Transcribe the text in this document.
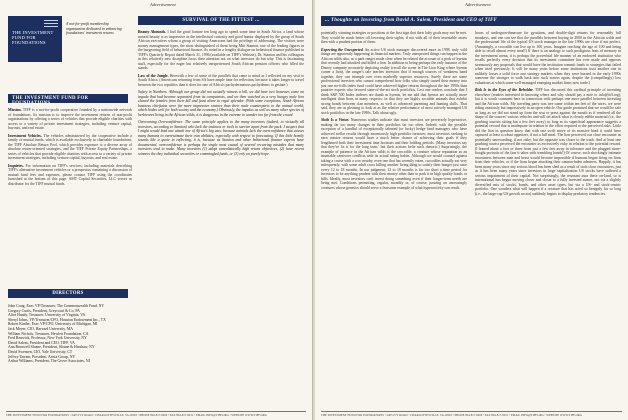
Advertisement
THE INVESTMENT FUND FOR FOUNDATIONS
A not-for-profit membership organization dedicated to enhancing foundations' investment returns
THE INVESTMENT FUND FOR FOUNDATIONS

Mission. TIFF is a not-for-profit cooperative founded by a nationwide network of foundations. Its mission is to improve the investment returns of non-profit organizations by offering a series of vehicles that provide eligible charities with access to a variety of private investment strategies, including venture capital, buyouts, and real estate.

Investment Vehicles. The vehicles administered by the cooperative include a family of mutual funds, which is available exclusively to charitable foundations, the TIFF Absolute Return Pool, which provides exposure to a diverse array of absolute return-oriented strategies, and the TIFF Private Equity Partnerships, a series of vehicles that provide eligible charities with access to a variety of private investment strategies, including venture capital, buyouts, and real estate.

Inquiries. For information on TIFF's services, including materials describing TIFF's alternative investment vehicles or a prospectus containing a discussion of mutual fund fees and expenses, please contact TIFF using the coordinates furnished at the bottom of this page. AMT Capital Securities, LLC serves as distributor for the TIFF mutual funds.

DIRECTORS
John Craig, Exec VP/Treasurer, The Commonwealth Fund, NY
Gregory Curtis, President, Greycourt & Co, PA
Alice Handy, Treasurer, University of Virginia, VA
Sheryl Johns, VP/Treasurer/CFO, Houston Endowment Inc., TX
Robert Kinder, Exec VP/CFO, University of Michigan, MI
Jack Meyer, CIO, Harvard University, MA
William Nichols, Treasurer, Hewlett Foundation, CA
Fred Renwick, Professor, New York University, NY
David Salem, President and CEO, TIFF, VA
Ann Bronwell Sloane, President, Sloane & Hinshaw, NY
David Swensen, CIO, Yale University, CT
Jeffrey Tarrant, President, Arista Group, NY
Arthur Williams, President, The Grove Associates, NJ
SURVIVAL OF THE FITTEST ...

Beauty Abounds. I had the good fortune ten long ago to spend some time in South Africa, a land whose natural beauty is as impressive as the intellectual curiosity and good humor displayed by the group of South African executives whom a group of visiting Americans had the privilege of addressing. The visitors were money management types, the most distinguished of them being Mitt Stanton, one of the leading figures in the burgeoning field of behavioral finance. As noted in a lengthy dialogue on behavioral finance published in TIFF's Quarterly Report dated March 31, 1996 (available on TIFF's Website), Dr. Stanton and his colleagues in this relatively new discipline focus their attention not on what investors do but why. This is fascinating stuff, especially for the eager but relatively inexperienced South African pension officers who filled the stands.

Law of the Jungle. Herewith a few of some of the parallels that came to mind as I reflected on my visit to South Africa. (Americans returning from SA have ample time for reflection, because it takes longer to travel between the two republics than it does for one of Africa's pachydermatous pachyderms to gestate.)

Safety in Numbers. Although our group did not actually witness a kill, we did hear two lionesses come on impala that had become separated from its compatriots, and we then watched as a very hungry male lion chased the females from their kill and feast alone in regal splendor. (With some exceptions, South African business chieftains were far more impressive orators than their male counterparts in the animal world, which bodes well for both society and the economy.) Obviously, the impalas as well as many other species of herbivores living in the African wilds, it is dangerous in the extreme to wander too far from the crowd.

Overcoming Overconfidence. The same principle applies to the many investors (indeed, to virtually all investors, according to Stanton) who lack the instincts or tools to survive apart from the pack. I suspect that I might would lead one attack one of Africa's big cats, because animals lack the overconfidence that causes many humans to overestimate their own abilities, especially with respect to forecasting. If this little homily sounds like a quote in reflecting, it is, because as Stanton and other behavioral finance experts have documented, overconfidence is perhaps the single most causal of several recurring mistakes that many investors tend to make. Many investors (1) adopt unrealistically high return objectives, (2) have recent winners the they individual securities or commingled funds, or (3) rely on purely hope.

THE INVESTMENT FUND FOR FOUNDATIONS • 2405 IVY ROAD • CHARLOTTESVILLE, VA 22903 • PHONE 804-817-8200 • FAX 804-817-8231 • EMAIL INFO@TIFF.ORG • WEBSITE WWW.TIFF.ORG
Advertisement
... Thoughts on Investing from David A. Salem, President and CEO of TIFF

potentially winning strategies or positions at the first sign that their lofty goals may not be met. They would be much better off lowering their sights, if not with all of their investable assets then with a prudent portion of them.

Expecting the Unexpected. An active US stock manager discovered more in 1998, truly wild things are apparently happening in financial markets. Truly unexpected things can happen in the African wilds also, as a park ranger made clear when he related the account of a pack of hyenas that recently had attacked and killed a lion. In addition to being perhaps the only instance of the Disney company accurately depicting reality (recall the scene in The Lion King where hyenas corner a lion), the ranger's tale teaches investors that if enough sources of weakness band together, they can triumph over even markedly superior resources. Surely there are some professional investors who cannot comprehend how folks who simply tossed their money into just one no-frills index fund could have achieved higher returns throughout the late 1990s than putative experts who favored state-of-the-art stock portfolios. Lest one readers conclude that I think S&P 500 Index indexes are dumb as hyenas, let me add that hyenas are actually more intelligent than lions in many respects: in that they are highly sociable animals that exhibit strong bonds between clan members, as well as advanced parenting and hunting skills. That said, they are as pleasing to look at as the relative performance of most actively managed US stock portfolios in the late 1990s. Talk about ugly.

Sloth Is a Virtue. Numerous studies indicate that most investors are perversely hyperactive, making far too many changes in their portfolios far too often. Indeed, with the possible exception of a handful of exceptionally talented (or lucky) hedge fund managers who have achieved stellar results through enormously high portfolio turnover, most investors seeking to earn outsize returns would have a much better chance of achieving their goals if they lengthened both their investment time horizons and their holding periods. (Many investors say that they've 'in it for the long term,' but their actions belie such rhetoric.) Surprisingly, the example of patience in the African wilds is the crocodile, a creature whose reputation as an insatiable carnivore conflicts with its actual eating habits. Although we would counsel against taking a cruise with a croc nearby, even one that has recently eaten, crocodiles actually eat very infrequently, with some adult crocs killing another living thing to satisfy their hunger just once every 12 to 18 months. In our judgment, 12 to 18 months is far too short a time period for investors to be anything prudent with their money other than to park it in high quality bonds or bills. Ideally, most investors can't invest doing something even if their longer-term needs are being met. Conditions permitting, regular, monthly or, of course, pouring on unceasingly creatures whose genetics should serve a fearsome example of what hyperactivity can result.

hours of undergrowthmasure for gyrations, and double-digit returns for reasonably full monkeys, and one can see that the parallels between buying in 2000 in the African wilds and the professional life of the typical US stock manager in the late 1990s are close if not perfect. (Amazingly, a crocodile can live up to 100 years. Imagine reaching the age of 100 and being able to recall almost every meal!) If there is an analogy to such prodigious feats of memory in the investment arena, it is perhaps the proverbial life manner of an endowed institution who recalls perfectly every decision that its investment committee has ever made and opposes strenuously any proposals that would have the institution commit funds to strategies that failed when tried previously. It will be many years before some institutions trust another one in unlikely losses a solid force one strategy markets when they were burned in the early 1990s someone the stronger to walk back into such waters again, despite the (compellingly) low valuations at which some well-managed emerging market firms now trade.)

Risk Is in the Eyes of the Beholder. TIFF has discussed this cardinal principle of investing elsewhere (readers interested in knowing where and why should pay a note to info@tiff.org), but it is worth comment here in connection with perhaps one more parallel between investing and the African wilds. My traveling party was tree came within ten feet of the wires, we were riding anxiously but impressively in an open vehicle. Our guide promised that we would be safe as long as we did not stand up from the seat or press against the mouth as if rendered all the shape of the sources' various vehicles and will set attack what is clearly edible material (i.e., the gawking tourists sitting but a few feet away) so long as its superficial appearance suggests a potential reward that is inadequate in relation to the effort required or the perceived risks. Little did the lion in question know that with one swift move of its massive head it could have captured at least a robust appetizer, if not a full meal. The lion perceived our close encounter as potentially unrewarding, if not risky, but the opposite was closer to the truth. And at least one gawking tourist perceived the encounter as excessively risky in relation to the potential reward. (I leaned about a foot or three from just a few feet away in tolerance and the plugged stone-bought portraits of the lion it takes with trembling hands!) Of course, such shockingly intimate encounters between man and beast would become impossible if humans began firing on lions from their vehicles, or if the lions began attacking their camera-laden admirers. Happily, it has been many years since any serious blood has been shed as a result of such close encounters, just as it has been many years since investors in large capitalization US stocks have suffered a serious impairment of their capital. Not surprisingly, the resonant aura these on-land, so is international has begun moving closer and closer to a fully invested stance, not via a slightly diversified mix of stocks, bonds, and other asset types, but via a US- and stock-centric portfolio. One wonders what will happen if a creature that has acted so benignly for so long (i.e., the large-cap US growth sector) suddenly begins to display predatory tendencies.

THE INVESTMENT FUND FOR FOUNDATIONS • 2405 IVY ROAD • CHARLOTTESVILLE, VA 22903 • PHONE 804-817-8200 • FAX 804-817-8231 • EMAIL INFO@TIFF.ORG • WEBSITE WWW.TIFF.ORG
